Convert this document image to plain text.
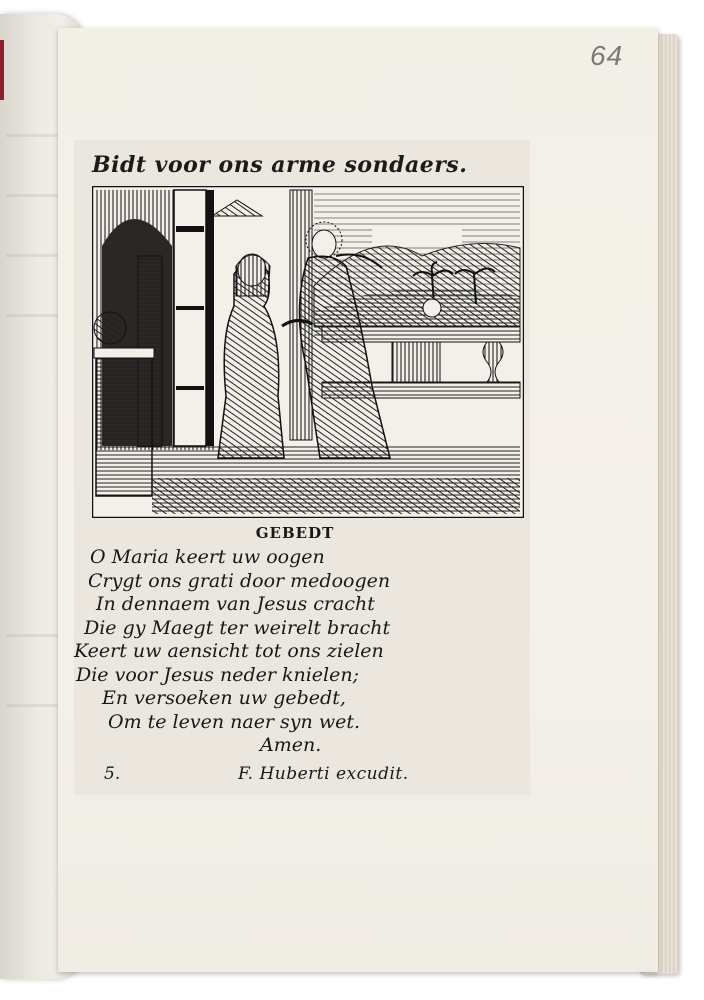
64
Bidt voor ons arme sondaers.
GEBEDT
O Maria keert uw oogen
Crygt ons grati door medoogen
In dennaem van Jesus cracht
Die gy Maegt ter weirelt bracht
Keert uw aensicht tot ons zielen
Die voor Jesus neder knielen;
En versoeken uw gebedt,
Om te leven naer syn wet.
Amen.
5.	F. Huberti excudit.
